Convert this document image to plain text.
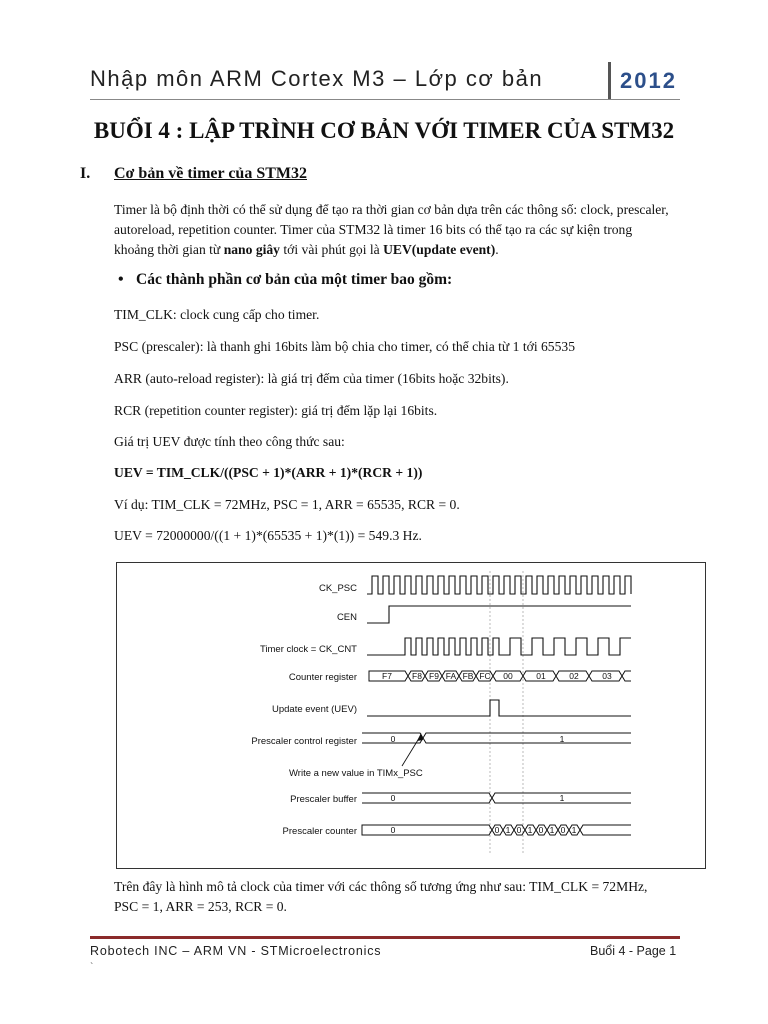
Nhập môn ARM Cortex M3 – Lớp cơ bản	2012
BUỔI 4 : LẬP TRÌNH CƠ BẢN VỚI TIMER CỦA STM32
I. Cơ bản về timer của STM32
Timer là bộ định thời có thể sử dụng để tạo ra thời gian cơ bản dựa trên các thông số: clock, prescaler,
autoreload, repetition counter. Timer của STM32 là timer 16 bits có thể tạo ra các sự kiện trong
khoảng thời gian từ nano giây tới vài phút gọi là UEV(update event).
• Các thành phần cơ bản của một timer bao gồm:
TIM_CLK: clock cung cấp cho timer.
PSC (prescaler): là thanh ghi 16bits làm bộ chia cho timer, có thể chia từ 1 tới 65535
ARR (auto-reload register): là giá trị đếm của timer (16bits hoặc 32bits).
RCR (repetition counter register): giá trị đếm lặp lại 16bits.
Giá trị UEV được tính theo công thức sau:
UEV = TIM_CLK/((PSC + 1)*(ARR + 1)*(RCR + 1))
Ví dụ: TIM_CLK = 72MHz, PSC = 1, ARR = 65535, RCR = 0.
UEV = 72000000/((1 + 1)*(65535 + 1)*(1)) = 549.3 Hz.
CK_PSC
CEN
Timer clock = CK_CNT
Counter register
Update event (UEV)
Prescaler control register
Prescaler buffer
Prescaler counter
Write a new value in TIMx_PSC
F7 F8 F9 FA FB FC 00	01	02	03
0	1
0	1
0	0 1 0 1 0 1 0 1
Trên đây là hình mô tả clock của timer với các thông số tương ứng như sau: TIM_CLK = 72MHz,
PSC = 1, ARR = 253, RCR = 0.
Robotech INC – ARM VN - STMicroelectronics	Buổi 4 - Page 1
`
